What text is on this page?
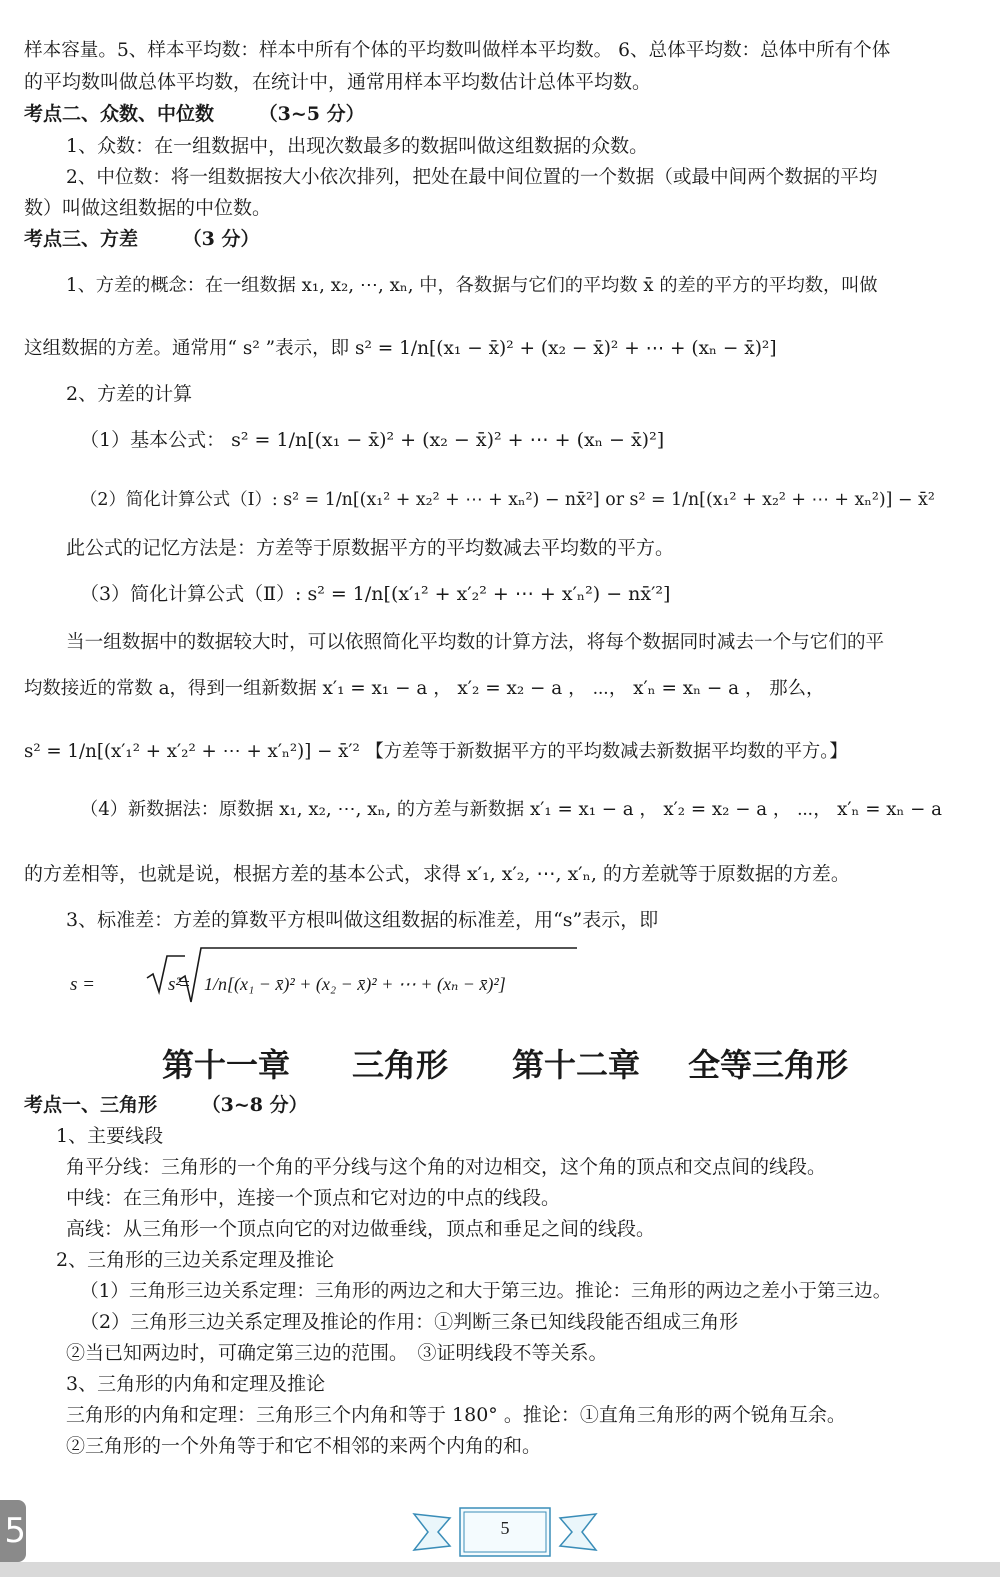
样本容量。5、样本平均数：样本中所有个体的平均数叫做样本平均数。 6、总体平均数：总体中所有个体
的平均数叫做总体平均数，在统计中，通常用样本平均数估计总体平均数。
考点二、众数、中位数　　 （3~5 分）
1、众数：在一组数据中，出现次数最多的数据叫做这组数据的众数。
2、中位数：将一组数据按大小依次排列，把处在最中间位置的一个数据（或最中间两个数据的平均
数）叫做这组数据的中位数。
考点三、方差　　 （3 分）
1、方差的概念：在一组数据 x₁, x₂, ⋯, xₙ, 中，各数据与它们的平均数 x̄ 的差的平方的平均数，叫做
这组数据的方差。通常用“ s² ”表示，即 s² = 1/n[(x₁ − x̄)² + (x₂ − x̄)² + ⋯ + (xₙ − x̄)²]
2、方差的计算
（1）基本公式： s² = 1/n[(x₁ − x̄)² + (x₂ − x̄)² + ⋯ + (xₙ − x̄)²]
（2）简化计算公式（Ⅰ）: s² = 1/n[(x₁² + x₂² + ⋯ + xₙ²) − nx̄²] or s² = 1/n[(x₁² + x₂² + ⋯ + xₙ²)] − x̄²
此公式的记忆方法是：方差等于原数据平方的平均数减去平均数的平方。
（3）简化计算公式（Ⅱ）: s² = 1/n[(x′₁² + x′₂² + ⋯ + x′ₙ²) − nx̄′²]
当一组数据中的数据较大时，可以依照简化平均数的计算方法，将每个数据同时减去一个与它们的平
均数接近的常数 a，得到一组新数据 x′₁ = x₁ − a ， x′₂ = x₂ − a ， ⋯， x′ₙ = xₙ − a ， 那么，
s² = 1/n[(x′₁² + x′₂² + ⋯ + x′ₙ²)] − x̄′² 【方差等于新数据平方的平均数减去新数据平均数的平方。】
（4）新数据法：原数据 x₁, x₂, ⋯, xₙ, 的方差与新数据 x′₁ = x₁ − a ， x′₂ = x₂ − a ， ⋯， x′ₙ = xₙ − a
的方差相等，也就是说，根据方差的基本公式，求得 x′₁, x′₂, ⋯, x′ₙ, 的方差就等于原数据的方差。
3、标准差：方差的算数平方根叫做这组数据的标准差，用“s”表示，即
s =	s²
= 1/n[(x₁ − x̄)² + (x₂ − x̄)² + ⋯ + (xₙ − x̄)²]
第十一章 三角形 第十二章 全等三角形
考点一、三角形　　 （3~8 分）
1、主要线段
角平分线：三角形的一个角的平分线与这个角的对边相交，这个角的顶点和交点间的线段。
中线：在三角形中，连接一个顶点和它对边的中点的线段。
高线：从三角形一个顶点向它的对边做垂线，顶点和垂足之间的线段。
2、三角形的三边关系定理及推论
（1）三角形三边关系定理：三角形的两边之和大于第三边。推论：三角形的两边之差小于第三边。
（2）三角形三边关系定理及推论的作用：①判断三条已知线段能否组成三角形
②当已知两边时，可确定第三边的范围。　③证明线段不等关系。
3、三角形的内角和定理及推论
三角形的内角和定理：三角形三个内角和等于 180° 。推论：①直角三角形的两个锐角互余。
②三角形的一个外角等于和它不相邻的来两个内角的和。
5	5
